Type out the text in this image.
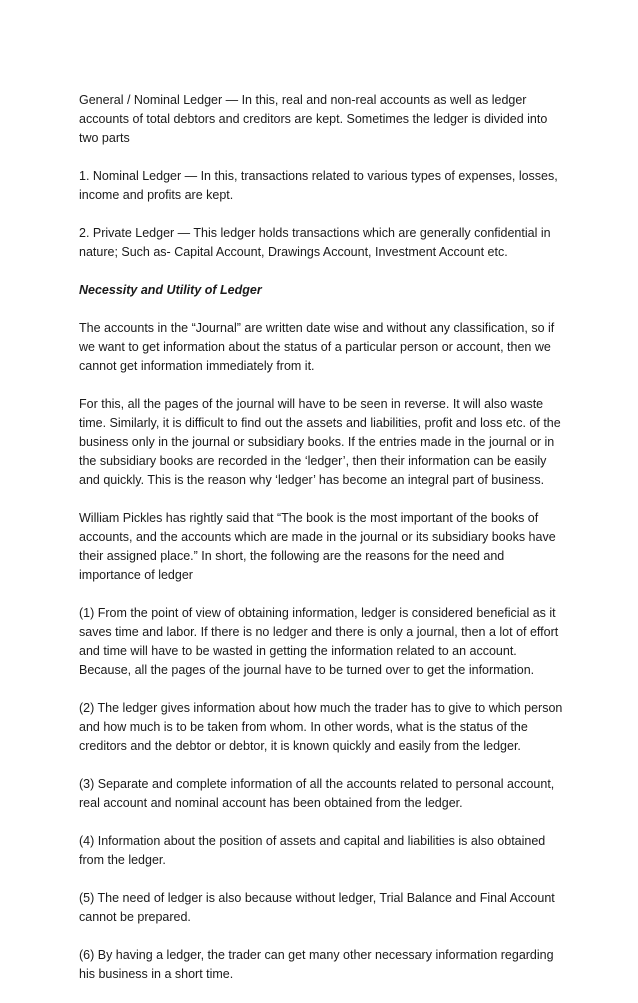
General / Nominal Ledger — In this, real and non-real accounts as well as ledger accounts of total debtors and creditors are kept. Sometimes the ledger is divided into two parts

1. Nominal Ledger — In this, transactions related to various types of expenses, losses, income and profits are kept.

2. Private Ledger — This ledger holds transactions which are generally confidential in nature; Such as- Capital Account, Drawings Account, Investment Account etc.

Necessity and Utility of Ledger

The accounts in the “Journal” are written date wise and without any classification, so if we want to get information about the status of a particular person or account, then we cannot get information immediately from it.

For this, all the pages of the journal will have to be seen in reverse. It will also waste time. Similarly, it is difficult to find out the assets and liabilities, profit and loss etc. of the business only in the journal or subsidiary books. If the entries made in the journal or in the subsidiary books are recorded in the ‘ledger’, then their information can be easily and quickly. This is the reason why ‘ledger’ has become an integral part of business.

William Pickles has rightly said that “The book is the most important of the books of accounts, and the accounts which are made in the journal or its subsidiary books have their assigned place.” In short, the following are the reasons for the need and importance of ledger

(1) From the point of view of obtaining information, ledger is considered beneficial as it saves time and labor. If there is no ledger and there is only a journal, then a lot of effort and time will have to be wasted in getting the information related to an account. Because, all the pages of the journal have to be turned over to get the information.

(2) The ledger gives information about how much the trader has to give to which person and how much is to be taken from whom. In other words, what is the status of the creditors and the debtor or debtor, it is known quickly and easily from the ledger.

(3) Separate and complete information of all the accounts related to personal account, real account and nominal account has been obtained from the ledger.

(4) Information about the position of assets and capital and liabilities is also obtained from the ledger.

(5) The need of ledger is also because without ledger, Trial Balance and Final Account cannot be prepared.

(6) By having a ledger, the trader can get many other necessary information regarding his business in a short time.
